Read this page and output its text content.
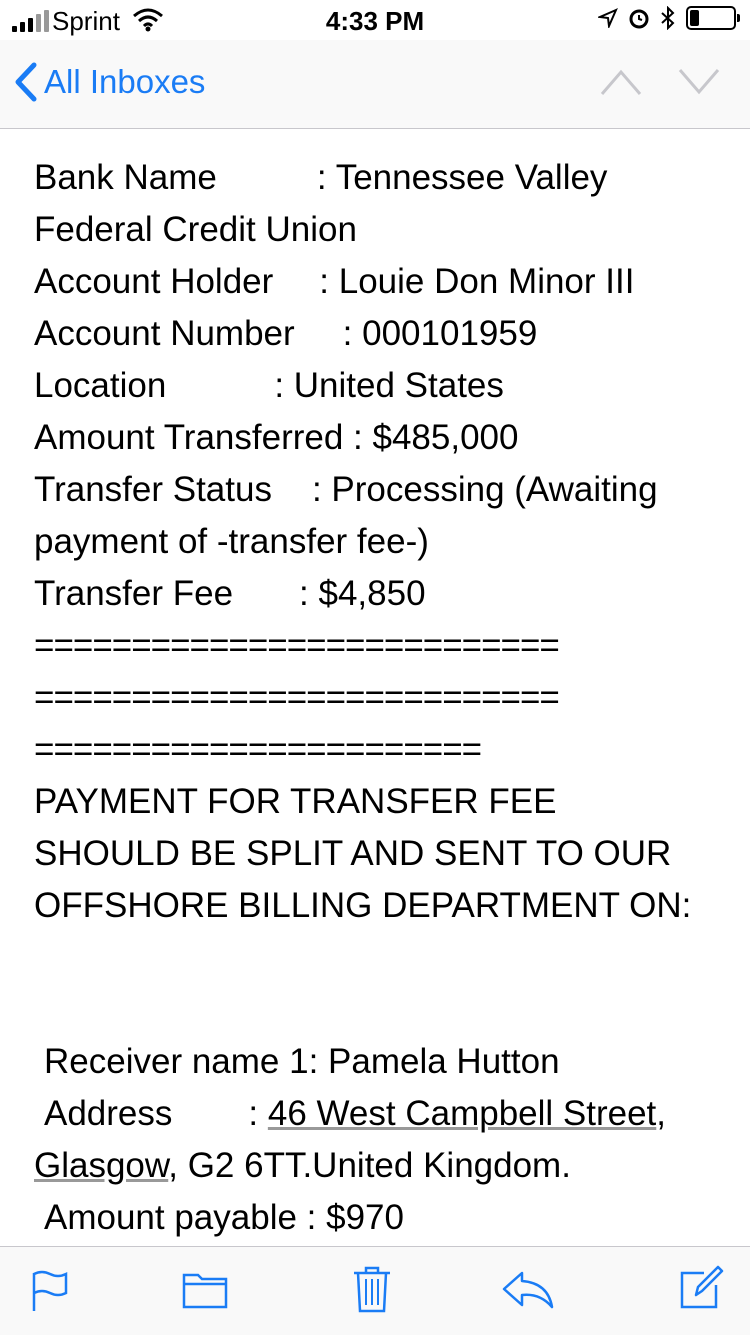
Sprint	4:33 PM
All Inboxes
Bank Name	: Tennessee Valley
Federal Credit Union
Account Holder : Louie Don Minor III
Account Number : 000101959
Location	: United States
Amount Transferred : $485,000
Transfer Status : Processing (Awaiting
payment of -transfer fee-)
Transfer Fee : $4,850
===========================
===========================
=======================
PAYMENT FOR TRANSFER FEE
SHOULD BE SPLIT AND SENT TO OUR
OFFSHORE BILLING DEPARTMENT ON:
Receiver name 1: Pamela Hutton
Address : 46 West Campbell Street,
Glasgow, G2 6TT.United Kingdom.
Amount payable : $970
